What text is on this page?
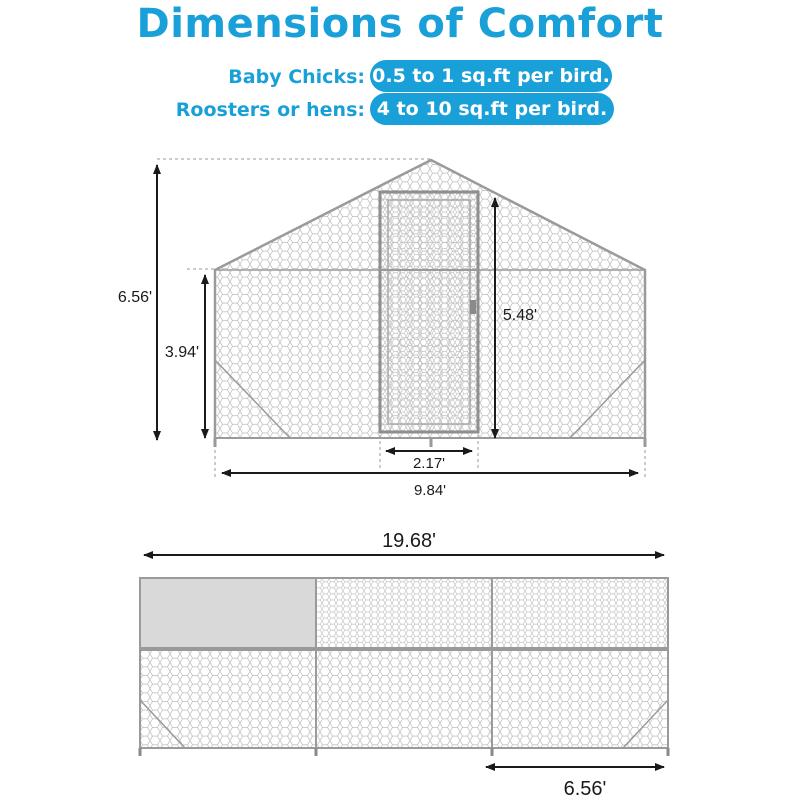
Dimensions of Comfort
Baby Chicks: 0.5 to 1 sq.ft per bird.
Roosters or hens: 4 to 10 sq.ft per bird.
6.56'
3.94'
5.48'
2.17'
9.84'
19.68'
6.56'
